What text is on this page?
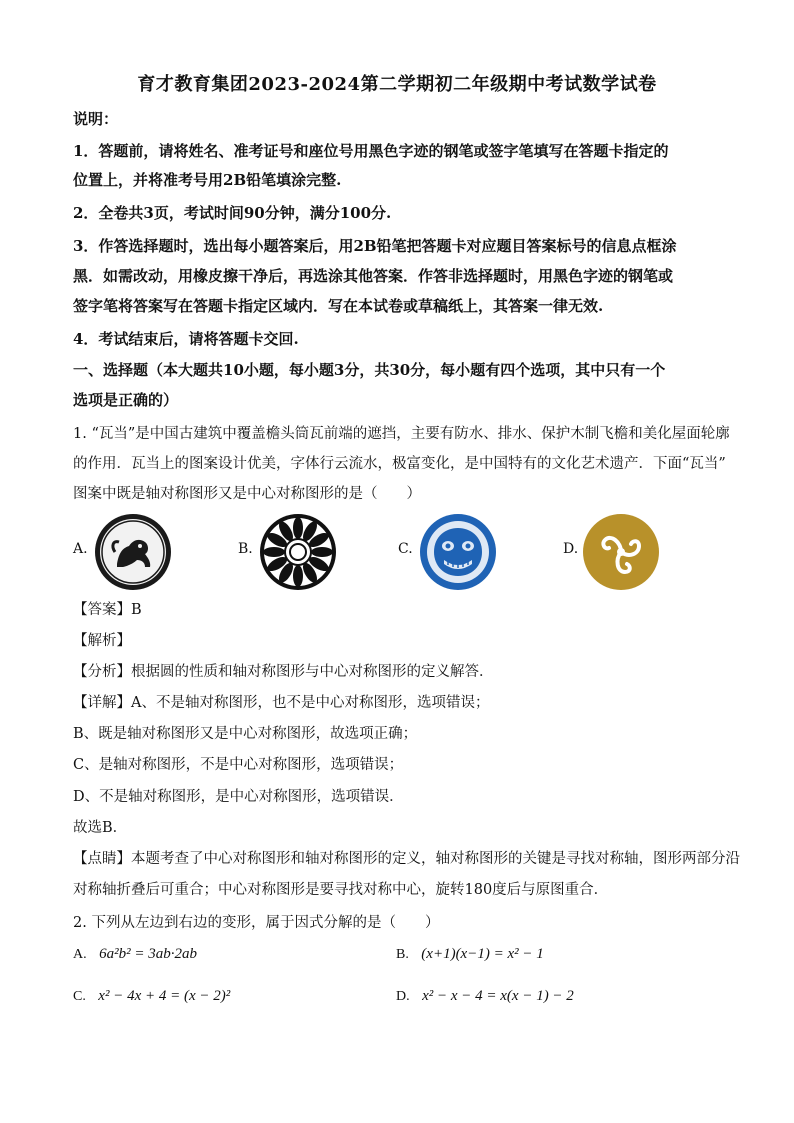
育才教育集团2023-2024第二学期初二年级期中考试数学试卷
说明：
1．答题前，请将姓名、准考证号和座位号用黑色字迹的钢笔或签字笔填写在答题卡指定的
位置上，并将准考号用2B铅笔填涂完整.
2．全卷共3页，考试时间90分钟，满分100分.
3．作答选择题时，选出每小题答案后，用2B铅笔把答题卡对应题目答案标号的信息点框涂
黑．如需改动，用橡皮擦干净后，再选涂其他答案．作答非选择题时，用黑色字迹的钢笔或
签字笔将答案写在答题卡指定区域内．写在本试卷或草稿纸上，其答案一律无效.
4．考试结束后，请将答题卡交回.
一、选择题（本大题共10小题，每小题3分，共30分，每小题有四个选项，其中只有一个
选项是正确的）
1. “瓦当”是中国古建筑中覆盖檐头筒瓦前端的遮挡，主要有防水、排水、保护木制飞檐和美化屋面轮廓
的作用．瓦当上的图案设计优美，字体行云流水，极富变化，是中国特有的文化艺术遗产．下面“瓦当”
图案中既是轴对称图形又是中心对称图形的是（　　）
A.	B.	C.	D.
【答案】B
【解析】
【分析】根据圆的性质和轴对称图形与中心对称图形的定义解答．
【详解】A、不是轴对称图形，也不是中心对称图形，选项错误；
B、既是轴对称图形又是中心对称图形，故选项正确；
C、是轴对称图形，不是中心对称图形，选项错误；
D、不是轴对称图形，是中心对称图形，选项错误．
故选B．
【点睛】本题考查了中心对称图形和轴对称图形的定义，轴对称图形的关键是寻找对称轴，图形两部分沿
对称轴折叠后可重合；中心对称图形是要寻找对称中心，旋转180度后与原图重合．
2. 下列从左边到右边的变形，属于因式分解的是（　　）
A. 6a²b² = 3ab·2ab	B. (x+1)(x−1) = x² − 1
C. x² − 4x + 4 = (x − 2)²	D. x² − x − 4 = x(x − 1) − 2
